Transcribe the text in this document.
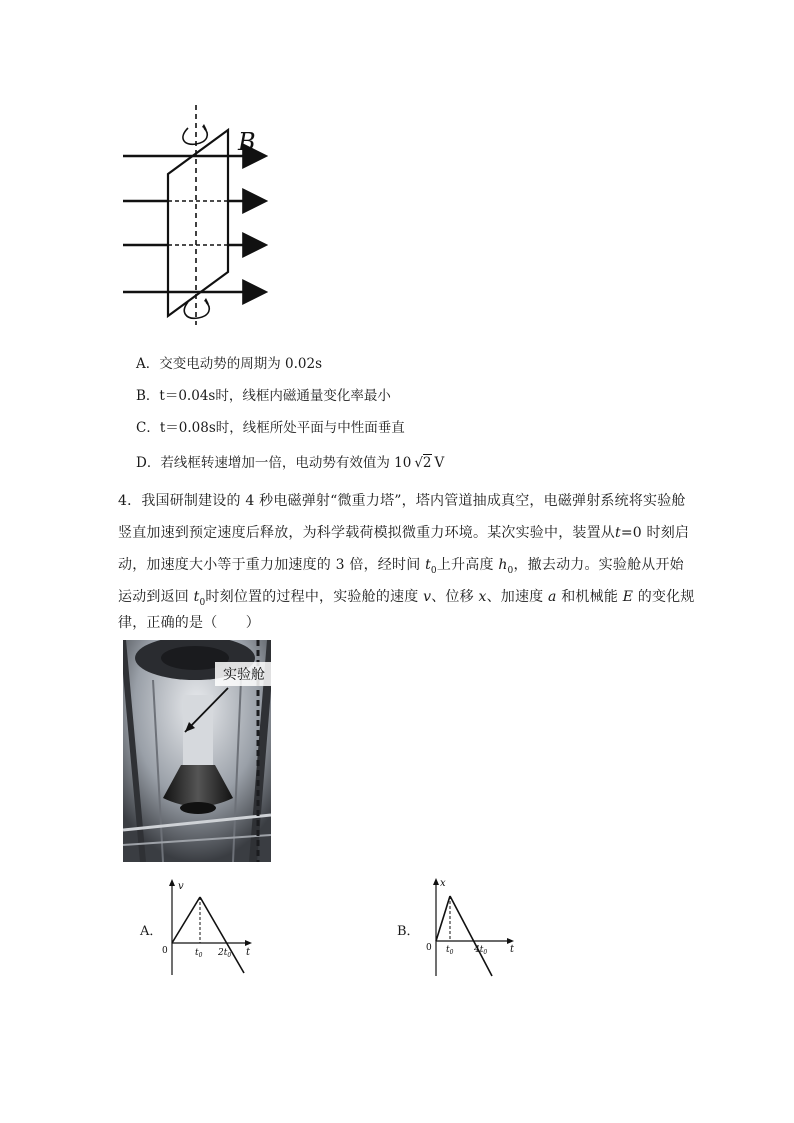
B
A．交变电动势的周期为 0.02s
B．t＝0.04s时，线框内磁通量变化率最小
C．t＝0.08s时，线框所处平面与中性面垂直
D．若线框转速增加一倍，电动势有效值为 10 √2 V
4．我国研制建设的 4 秒电磁弹射“微重力塔”，塔内管道抽成真空，电磁弹射系统将实验舱
竖直加速到预定速度后释放，为科学载荷模拟微重力环境。某次实验中，装置从t=0 时刻启
动，加速度大小等于重力加速度的 3 倍，经时间 $t_0$上升高度 $h_0$，撤去动力。实验舱从开始
运动到返回 $t_0$时刻位置的过程中，实验舱的速度 v、位移 x、加速度 a 和机械能 E 的变化规
律，正确的是（　　）
实验舱
A．
v
0	$t_0$ $2t_0$ t
B．
x
0 $t_0$ $4t_0$ t
